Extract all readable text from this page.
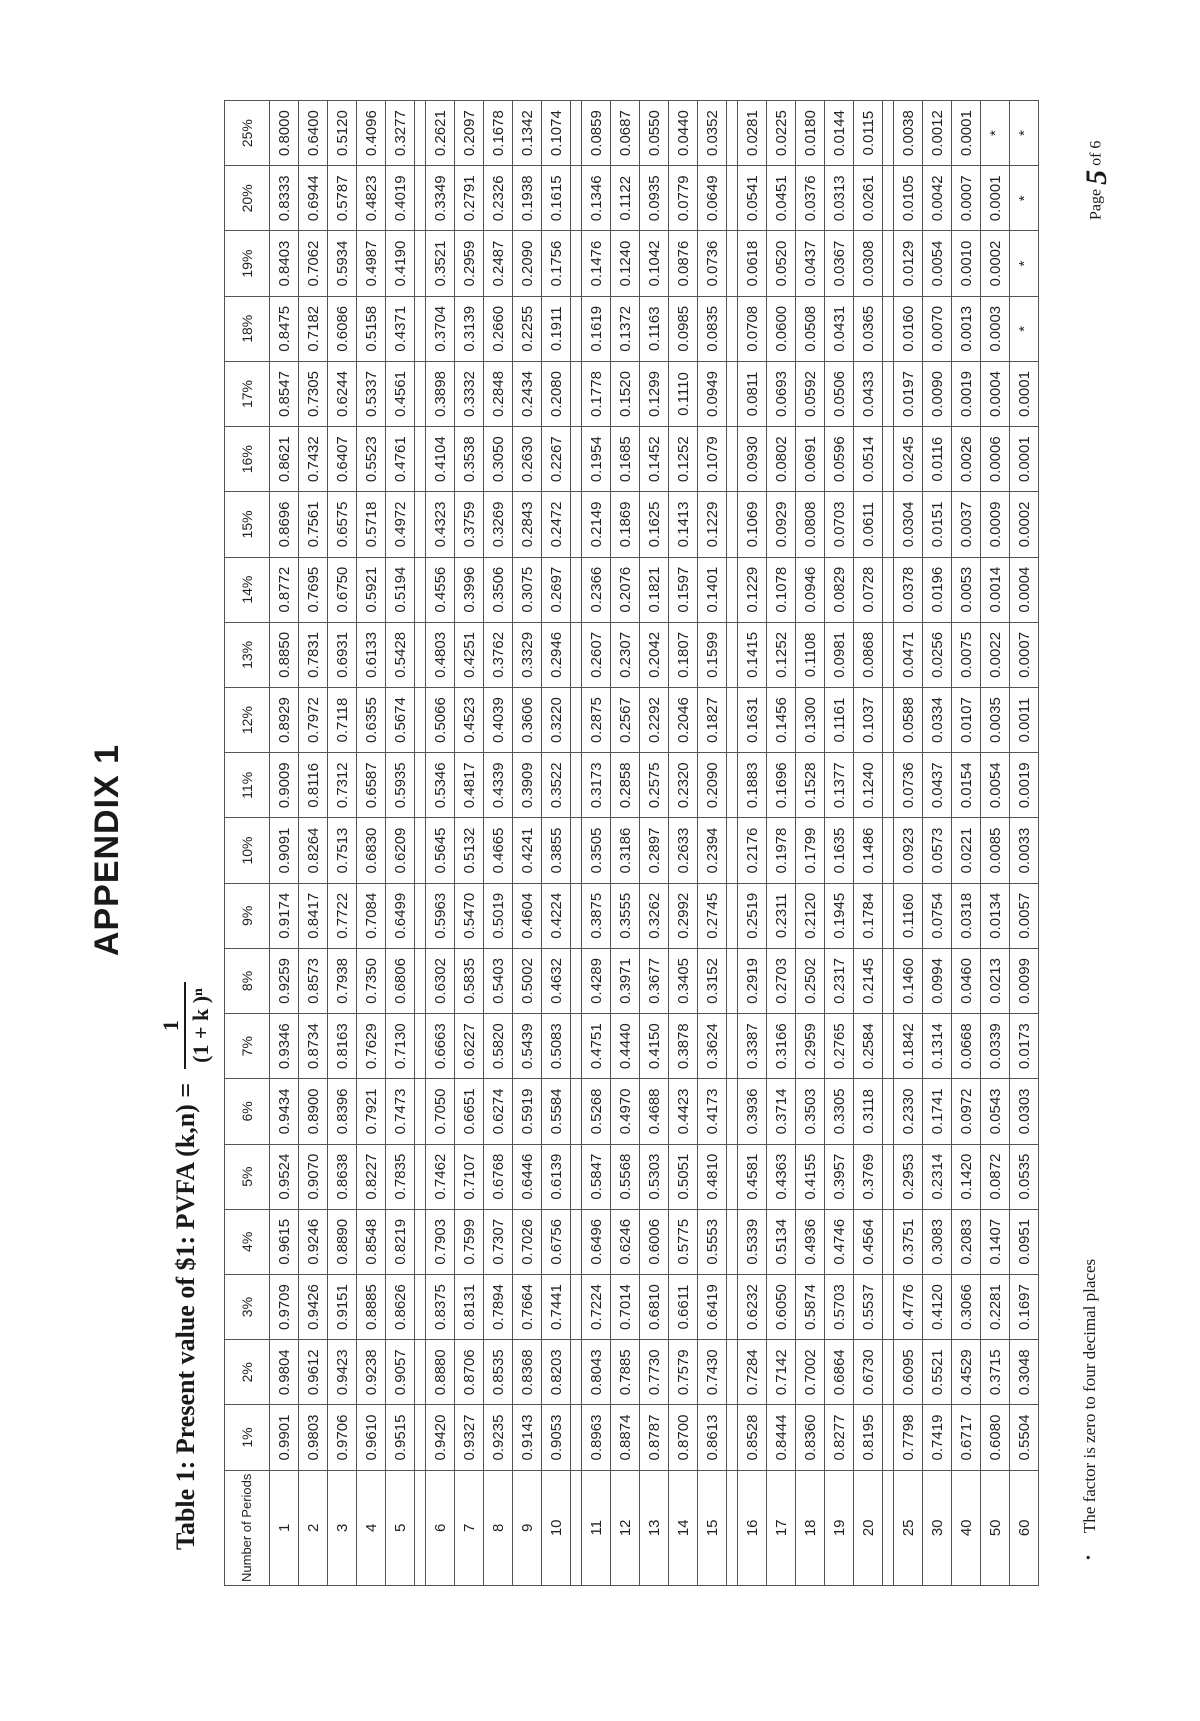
APPENDIX 1
Table 1: Present value of $1: PVFA (k,n) =
1 (1 + k )ⁿ
Number of Periods	1%	2%	3%	4%	5%	6%	7%	8%	9%	10%	11%	12%	13%	14%	15%	16%	17%	18%	19%	20%	25%
1	0.9901	0.9804	0.9709	0.9615	0.9524	0.9434	0.9346	0.9259	0.9174	0.9091	0.9009	0.8929	0.8850	0.8772	0.8696	0.8621	0.8547	0.8475	0.8403	0.8333	0.8000
2	0.9803	0.9612	0.9426	0.9246	0.9070	0.8900	0.8734	0.8573	0.8417	0.8264	0.8116	0.7972	0.7831	0.7695	0.7561	0.7432	0.7305	0.7182	0.7062	0.6944	0.6400
3	0.9706	0.9423	0.9151	0.8890	0.8638	0.8396	0.8163	0.7938	0.7722	0.7513	0.7312	0.7118	0.6931	0.6750	0.6575	0.6407	0.6244	0.6086	0.5934	0.5787	0.5120
4	0.9610	0.9238	0.8885	0.8548	0.8227	0.7921	0.7629	0.7350	0.7084	0.6830	0.6587	0.6355	0.6133	0.5921	0.5718	0.5523	0.5337	0.5158	0.4987	0.4823	0.4096
5	0.9515	0.9057	0.8626	0.8219	0.7835	0.7473	0.7130	0.6806	0.6499	0.6209	0.5935	0.5674	0.5428	0.5194	0.4972	0.4761	0.4561	0.4371	0.4190	0.4019	0.3277

6	0.9420	0.8880	0.8375	0.7903	0.7462	0.7050	0.6663	0.6302	0.5963	0.5645	0.5346	0.5066	0.4803	0.4556	0.4323	0.4104	0.3898	0.3704	0.3521	0.3349	0.2621
7	0.9327	0.8706	0.8131	0.7599	0.7107	0.6651	0.6227	0.5835	0.5470	0.5132	0.4817	0.4523	0.4251	0.3996	0.3759	0.3538	0.3332	0.3139	0.2959	0.2791	0.2097
8	0.9235	0.8535	0.7894	0.7307	0.6768	0.6274	0.5820	0.5403	0.5019	0.4665	0.4339	0.4039	0.3762	0.3506	0.3269	0.3050	0.2848	0.2660	0.2487	0.2326	0.1678
9	0.9143	0.8368	0.7664	0.7026	0.6446	0.5919	0.5439	0.5002	0.4604	0.4241	0.3909	0.3606	0.3329	0.3075	0.2843	0.2630	0.2434	0.2255	0.2090	0.1938	0.1342
10	0.9053	0.8203	0.7441	0.6756	0.6139	0.5584	0.5083	0.4632	0.4224	0.3855	0.3522	0.3220	0.2946	0.2697	0.2472	0.2267	0.2080	0.1911	0.1756	0.1615	0.1074

11	0.8963	0.8043	0.7224	0.6496	0.5847	0.5268	0.4751	0.4289	0.3875	0.3505	0.3173	0.2875	0.2607	0.2366	0.2149	0.1954	0.1778	0.1619	0.1476	0.1346	0.0859
12	0.8874	0.7885	0.7014	0.6246	0.5568	0.4970	0.4440	0.3971	0.3555	0.3186	0.2858	0.2567	0.2307	0.2076	0.1869	0.1685	0.1520	0.1372	0.1240	0.1122	0.0687
13	0.8787	0.7730	0.6810	0.6006	0.5303	0.4688	0.4150	0.3677	0.3262	0.2897	0.2575	0.2292	0.2042	0.1821	0.1625	0.1452	0.1299	0.1163	0.1042	0.0935	0.0550
14	0.8700	0.7579	0.6611	0.5775	0.5051	0.4423	0.3878	0.3405	0.2992	0.2633	0.2320	0.2046	0.1807	0.1597	0.1413	0.1252	0.1110	0.0985	0.0876	0.0779	0.0440
15	0.8613	0.7430	0.6419	0.5553	0.4810	0.4173	0.3624	0.3152	0.2745	0.2394	0.2090	0.1827	0.1599	0.1401	0.1229	0.1079	0.0949	0.0835	0.0736	0.0649	0.0352

16	0.8528	0.7284	0.6232	0.5339	0.4581	0.3936	0.3387	0.2919	0.2519	0.2176	0.1883	0.1631	0.1415	0.1229	0.1069	0.0930	0.0811	0.0708	0.0618	0.0541	0.0281
17	0.8444	0.7142	0.6050	0.5134	0.4363	0.3714	0.3166	0.2703	0.2311	0.1978	0.1696	0.1456	0.1252	0.1078	0.0929	0.0802	0.0693	0.0600	0.0520	0.0451	0.0225
18	0.8360	0.7002	0.5874	0.4936	0.4155	0.3503	0.2959	0.2502	0.2120	0.1799	0.1528	0.1300	0.1108	0.0946	0.0808	0.0691	0.0592	0.0508	0.0437	0.0376	0.0180
19	0.8277	0.6864	0.5703	0.4746	0.3957	0.3305	0.2765	0.2317	0.1945	0.1635	0.1377	0.1161	0.0981	0.0829	0.0703	0.0596	0.0506	0.0431	0.0367	0.0313	0.0144
20	0.8195	0.6730	0.5537	0.4564	0.3769	0.3118	0.2584	0.2145	0.1784	0.1486	0.1240	0.1037	0.0868	0.0728	0.0611	0.0514	0.0433	0.0365	0.0308	0.0261	0.0115

25	0.7798	0.6095	0.4776	0.3751	0.2953	0.2330	0.1842	0.1460	0.1160	0.0923	0.0736	0.0588	0.0471	0.0378	0.0304	0.0245	0.0197	0.0160	0.0129	0.0105	0.0038
30	0.7419	0.5521	0.4120	0.3083	0.2314	0.1741	0.1314	0.0994	0.0754	0.0573	0.0437	0.0334	0.0256	0.0196	0.0151	0.0116	0.0090	0.0070	0.0054	0.0042	0.0012
40	0.6717	0.4529	0.3066	0.2083	0.1420	0.0972	0.0668	0.0460	0.0318	0.0221	0.0154	0.0107	0.0075	0.0053	0.0037	0.0026	0.0019	0.0013	0.0010	0.0007	0.0001
50	0.6080	0.3715	0.2281	0.1407	0.0872	0.0543	0.0339	0.0213	0.0134	0.0085	0.0054	0.0035	0.0022	0.0014	0.0009	0.0006	0.0004	0.0003	0.0002	0.0001	*
60	0.5504	0.3048	0.1697	0.0951	0.0535	0.0303	0.0173	0.0099	0.0057	0.0033	0.0019	0.0011	0.0007	0.0004	0.0002	0.0001	0.0001	*	*	*	*
•
The factor is zero to four decimal places
Page 5 of 6
